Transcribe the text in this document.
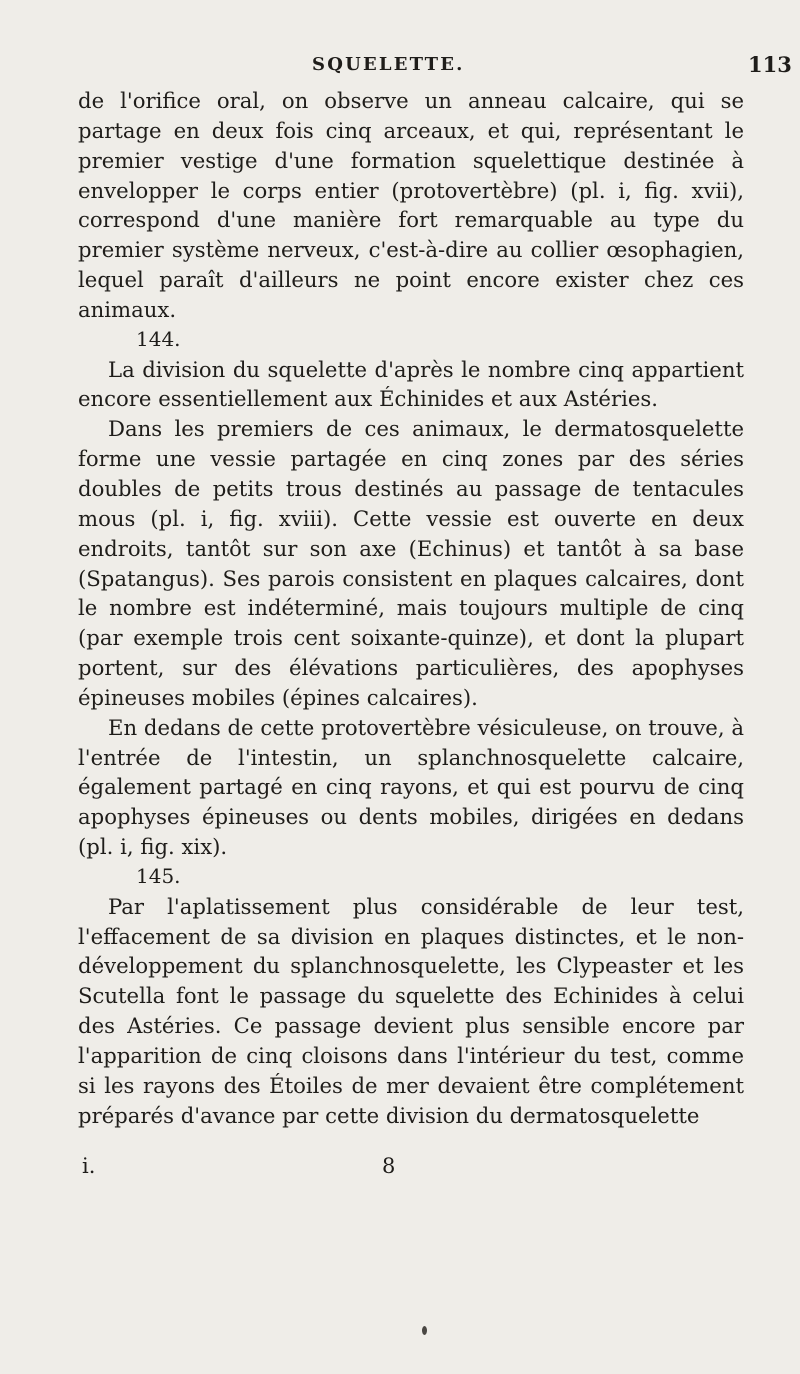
SQUELETTE.	113

de l'orifice oral, on observe un anneau calcaire, qui se partage en deux fois cinq arceaux, et qui, représentant le premier vestige d'une formation squelettique destinée à envelopper le corps entier (protovertèbre) (pl. i, fig. xvii), correspond d'une manière fort remarquable au type du premier système nerveux, c'est-à-dire au collier œsophagien, lequel paraît d'ailleurs ne point encore exister chez ces animaux.

144.

La division du squelette d'après le nombre cinq appartient encore essentiellement aux Échinides et aux Astéries.

Dans les premiers de ces animaux, le dermatosquelette forme une vessie partagée en cinq zones par des séries doubles de petits trous destinés au passage de tentacules mous (pl. i, fig. xviii). Cette vessie est ouverte en deux endroits, tantôt sur son axe (Echinus) et tantôt à sa base (Spatangus). Ses parois consistent en plaques calcaires, dont le nombre est indéterminé, mais toujours multiple de cinq (par exemple trois cent soixante-quinze), et dont la plupart portent, sur des élévations particulières, des apophyses épineuses mobiles (épines calcaires).

En dedans de cette protovertèbre vésiculeuse, on trouve, à l'entrée de l'intestin, un splanchnosquelette calcaire, également partagé en cinq rayons, et qui est pourvu de cinq apophyses épineuses ou dents mobiles, dirigées en dedans (pl. i, fig. xix).

145.

Par l'aplatissement plus considérable de leur test, l'effacement de sa division en plaques distinctes, et le non-développement du splanchnosquelette, les Clypeaster et les Scutella font le passage du squelette des Echinides à celui des Astéries. Ce passage devient plus sensible encore par l'apparition de cinq cloisons dans l'intérieur du test, comme si les rayons des Étoiles de mer devaient être complétement préparés d'avance par cette division du dermatosquelette

i.	8
